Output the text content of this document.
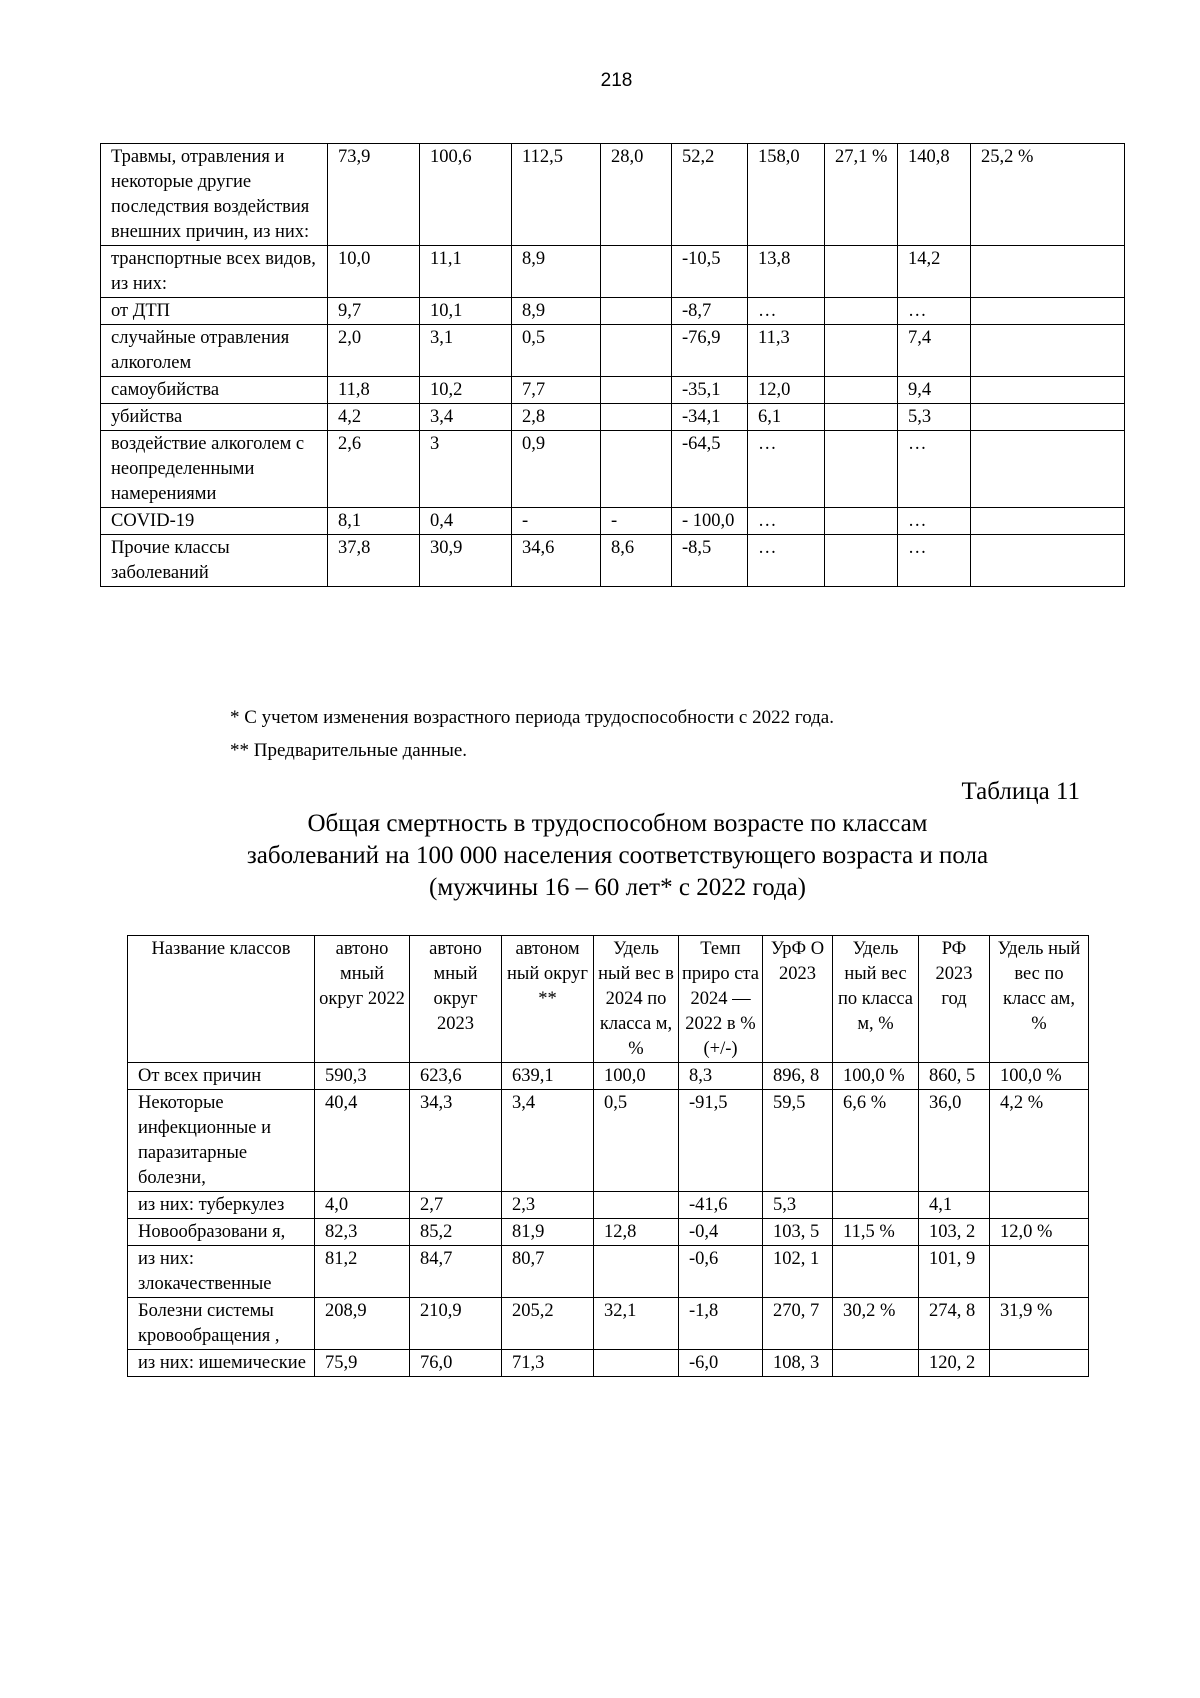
218
Травмы, отравления и некоторые другие последствия воздействия внешних причин, из них:	73,9	100,6	112,5	28,0	52,2	158,0	27,1 %	140,8	25,2 %
транспортные всех видов, из них:	10,0	11,1	8,9		-10,5	13,8		14,2	
от ДТП	9,7	10,1	8,9		-8,7	…		…	
случайные отравления алкоголем	2,0	3,1	0,5		-76,9	11,3		7,4	
самоубийства	11,8	10,2	7,7		-35,1	12,0		9,4	
убийства	4,2	3,4	2,8		-34,1	6,1		5,3	
воздействие алкоголем с неопределенными намерениями	2,6	3	0,9		-64,5	…		…	
COVID-19	8,1	0,4	-	-	- 100,0	…		…	
Прочие классы заболеваний	37,8	30,9	34,6	8,6	-8,5	…		…	
* С учетом изменения возрастного периода трудоспособности с 2022 года.
** Предварительные данные.
Таблица 11
Общая смертность в трудоспособном возрасте по классам
заболеваний на 100 000 населения соответствующего возраста и пола
(мужчины 16 – 60 лет* с 2022 года)
Название классов	автоно мный округ 2022	автоно мный округ 2023	автоном ный округ **	Удель ный вес в 2024 по класса м, %	Темп приро ста 2024 — 2022 в % (+/-)	УрФ О 2023	Удель ный вес по класса м, %	РФ 2023 год	Удель ный вес по класс ам, %
От всех причин	590,3	623,6	639,1	100,0	8,3	896, 8	100,0 %	860, 5	100,0 %
Некоторые инфекционные и паразитарные болезни,	40,4	34,3	3,4	0,5	-91,5	59,5	6,6 %	36,0	4,2 %
из них: туберкулез	4,0	2,7	2,3		-41,6	5,3		4,1	
Новообразовани я,	82,3	85,2	81,9	12,8	-0,4	103, 5	11,5 %	103, 2	12,0 %
из них: злокачественные	81,2	84,7	80,7		-0,6	102, 1		101, 9	
Болезни системы кровообращения ,	208,9	210,9	205,2	32,1	-1,8	270, 7	30,2 %	274, 8	31,9 %
из них: ишемические	75,9	76,0	71,3		-6,0	108, 3		120, 2	
